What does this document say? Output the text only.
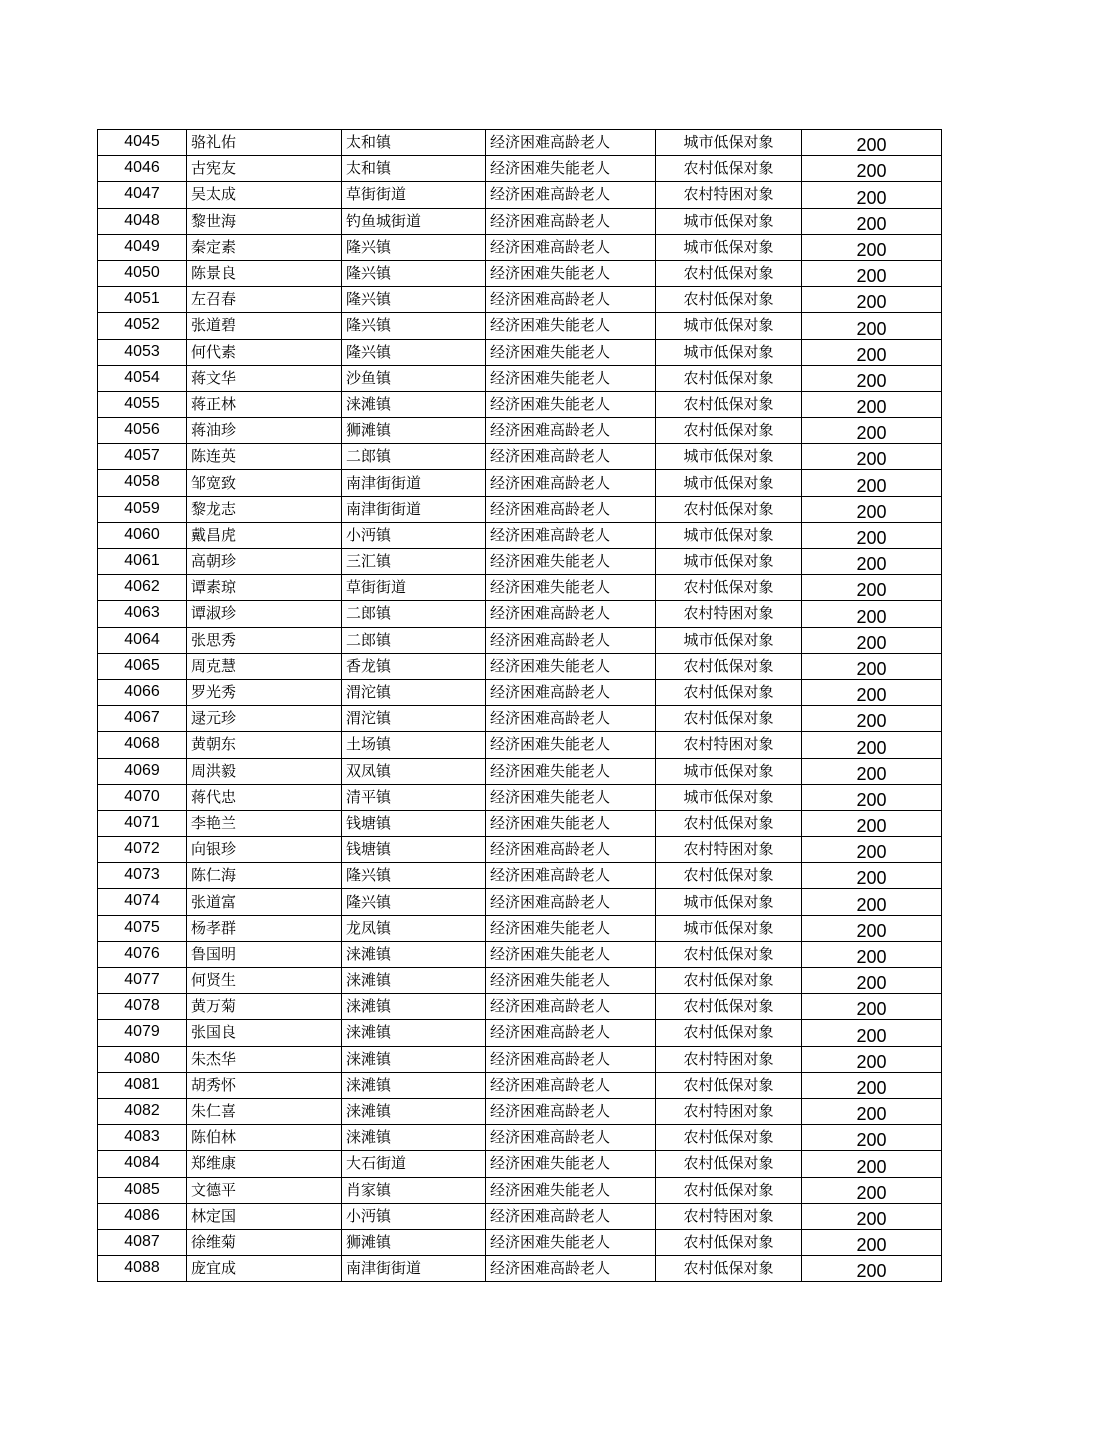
4045	骆礼佑	太和镇	经济困难高龄老人	城市低保对象	200
4046	古宪友	太和镇	经济困难失能老人	农村低保对象	200
4047	吴太成	草街街道	经济困难高龄老人	农村特困对象	200
4048	黎世海	钓鱼城街道	经济困难高龄老人	城市低保对象	200
4049	秦定素	隆兴镇	经济困难高龄老人	城市低保对象	200
4050	陈景良	隆兴镇	经济困难失能老人	农村低保对象	200
4051	左召春	隆兴镇	经济困难高龄老人	农村低保对象	200
4052	张道碧	隆兴镇	经济困难失能老人	城市低保对象	200
4053	何代素	隆兴镇	经济困难失能老人	城市低保对象	200
4054	蒋文华	沙鱼镇	经济困难失能老人	农村低保对象	200
4055	蒋正林	涞滩镇	经济困难失能老人	农村低保对象	200
4056	蒋油珍	狮滩镇	经济困难高龄老人	农村低保对象	200
4057	陈连英	二郎镇	经济困难高龄老人	城市低保对象	200
4058	邹宽致	南津街街道	经济困难高龄老人	城市低保对象	200
4059	黎龙志	南津街街道	经济困难高龄老人	农村低保对象	200
4060	戴昌虎	小沔镇	经济困难高龄老人	城市低保对象	200
4061	高朝珍	三汇镇	经济困难失能老人	城市低保对象	200
4062	谭素琼	草街街道	经济困难失能老人	农村低保对象	200
4063	谭淑珍	二郎镇	经济困难高龄老人	农村特困对象	200
4064	张思秀	二郎镇	经济困难高龄老人	城市低保对象	200
4065	周克慧	香龙镇	经济困难失能老人	农村低保对象	200
4066	罗光秀	渭沱镇	经济困难高龄老人	农村低保对象	200
4067	逯元珍	渭沱镇	经济困难高龄老人	农村低保对象	200
4068	黄朝东	土场镇	经济困难失能老人	农村特困对象	200
4069	周洪毅	双凤镇	经济困难失能老人	城市低保对象	200
4070	蒋代忠	清平镇	经济困难失能老人	城市低保对象	200
4071	李艳兰	钱塘镇	经济困难失能老人	农村低保对象	200
4072	向银珍	钱塘镇	经济困难高龄老人	农村特困对象	200
4073	陈仁海	隆兴镇	经济困难高龄老人	农村低保对象	200
4074	张道富	隆兴镇	经济困难高龄老人	城市低保对象	200
4075	杨孝群	龙凤镇	经济困难失能老人	城市低保对象	200
4076	鲁国明	涞滩镇	经济困难失能老人	农村低保对象	200
4077	何贤生	涞滩镇	经济困难失能老人	农村低保对象	200
4078	黄万菊	涞滩镇	经济困难高龄老人	农村低保对象	200
4079	张国良	涞滩镇	经济困难高龄老人	农村低保对象	200
4080	朱杰华	涞滩镇	经济困难高龄老人	农村特困对象	200
4081	胡秀怀	涞滩镇	经济困难高龄老人	农村低保对象	200
4082	朱仁喜	涞滩镇	经济困难高龄老人	农村特困对象	200
4083	陈伯林	涞滩镇	经济困难高龄老人	农村低保对象	200
4084	郑维康	大石街道	经济困难失能老人	农村低保对象	200
4085	文德平	肖家镇	经济困难失能老人	农村低保对象	200
4086	林定国	小沔镇	经济困难高龄老人	农村特困对象	200
4087	徐维菊	狮滩镇	经济困难失能老人	农村低保对象	200
4088	庞宜成	南津街街道	经济困难高龄老人	农村低保对象	200
